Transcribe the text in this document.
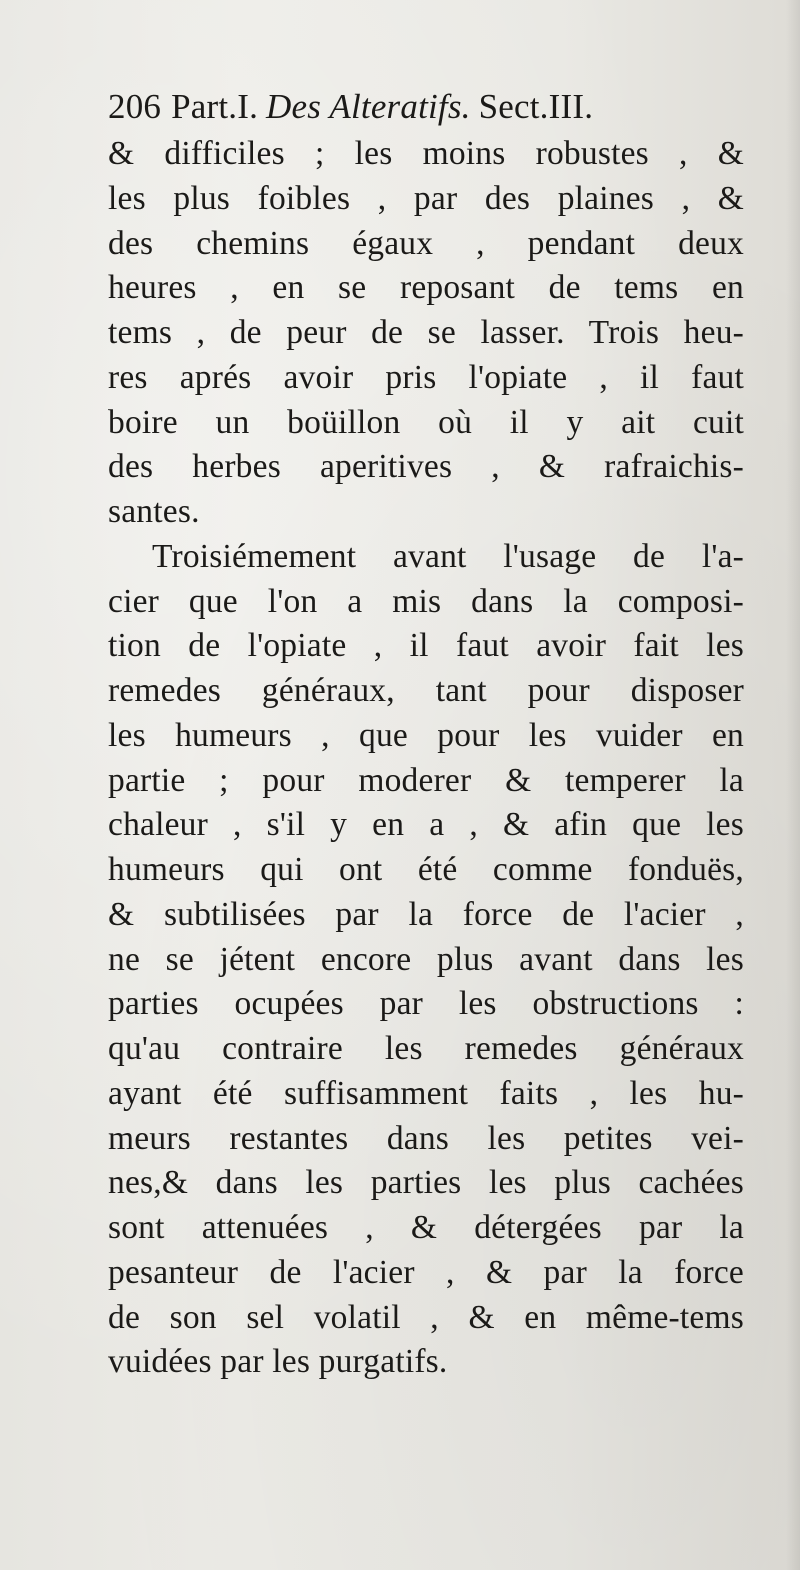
206 Part.I. Des Alteratifs. Sect.III.
& difficiles ; les moins robustes , &
les plus foibles , par des plaines , &
des chemins égaux , pendant deux
heures , en se reposant de tems en
tems , de peur de se lasser. Trois heu-
res aprés avoir pris l'opiate , il faut
boire un boüillon où il y ait cuit
des herbes aperitives , & rafraichis-
santes.
Troisiémement avant l'usage de l'a-
cier que l'on a mis dans la composi-
tion de l'opiate , il faut avoir fait les
remedes généraux, tant pour disposer
les humeurs , que pour les vuider en
partie ; pour moderer & temperer la
chaleur , s'il y en a , & afin que les
humeurs qui ont été comme fonduës,
& subtilisées par la force de l'acier ,
ne se jétent encore plus avant dans les
parties ocupées par les obstructions :
qu'au contraire les remedes généraux
ayant été suffisamment faits , les hu-
meurs restantes dans les petites vei-
nes,& dans les parties les plus cachées
sont attenuées , & détergées par la
pesanteur de l'acier , & par la force
de son sel volatil , & en même-tems
vuidées par les purgatifs.
